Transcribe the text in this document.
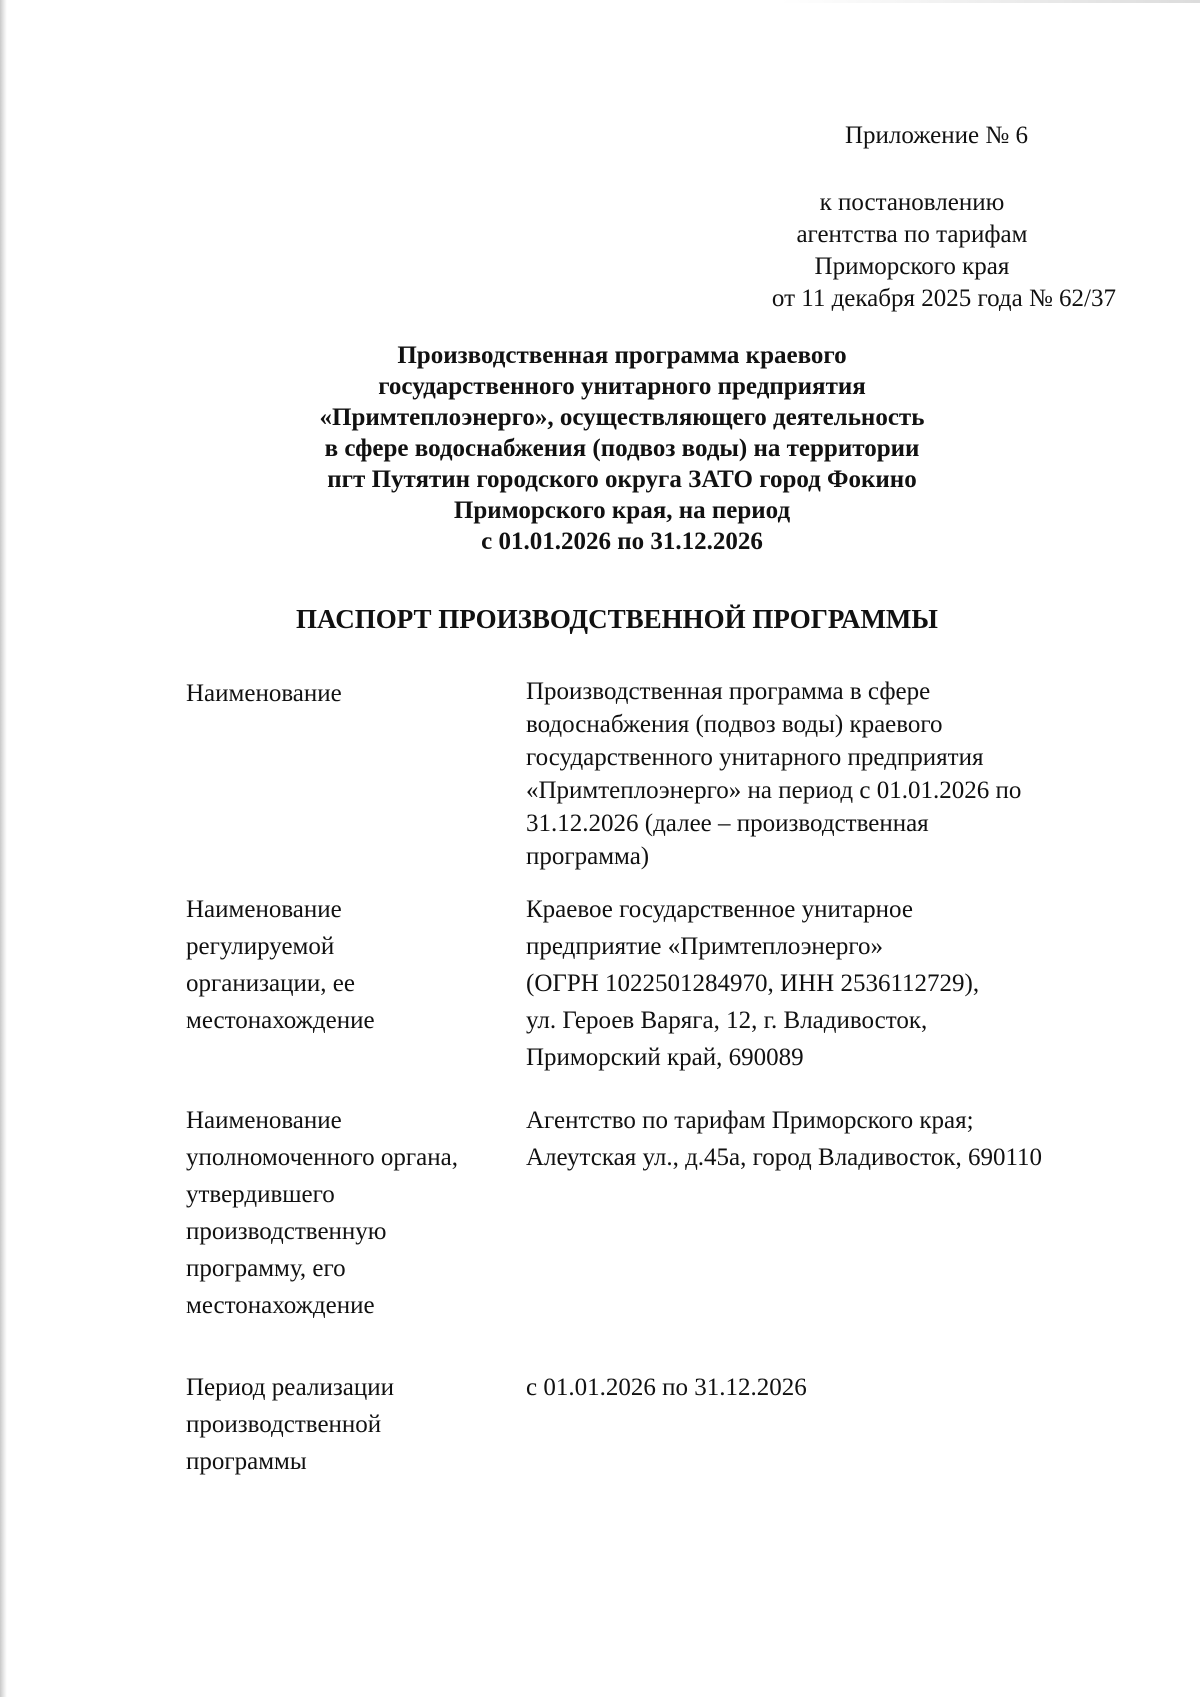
Приложение № 6
к постановлению
агентства по тарифам
Приморского края
от 11 декабря 2025 года № 62/37
Производственная программа краевого
государственного унитарного предприятия
«Примтеплоэнерго», осуществляющего деятельность
в сфере водоснабжения (подвоз воды) на территории
пгт Путятин городского округа ЗАТО город Фокино
Приморского края, на период
с 01.01.2026 по 31.12.2026
ПАСПОРТ ПРОИЗВОДСТВЕННОЙ ПРОГРАММЫ
Наименование	Производственная программа в сфере
водоснабжения (подвоз воды) краевого
государственного унитарного предприятия
«Примтеплоэнерго» на период с 01.01.2026 по
31.12.2026 (далее – производственная
программа)
Наименование
регулируемой
организации, ее
местонахождение
Краевое государственное унитарное
предприятие «Примтеплоэнерго»
(ОГРН 1022501284970, ИНН 2536112729),
ул. Героев Варяга, 12, г. Владивосток,
Приморский край, 690089
Наименование
уполномоченного органа,
утвердившего
производственную
программу, его
местонахождение
Агентство по тарифам Приморского края;
Алеутская ул., д.45а, город Владивосток, 690110
Период реализации
производственной
программы
с 01.01.2026 по 31.12.2026
